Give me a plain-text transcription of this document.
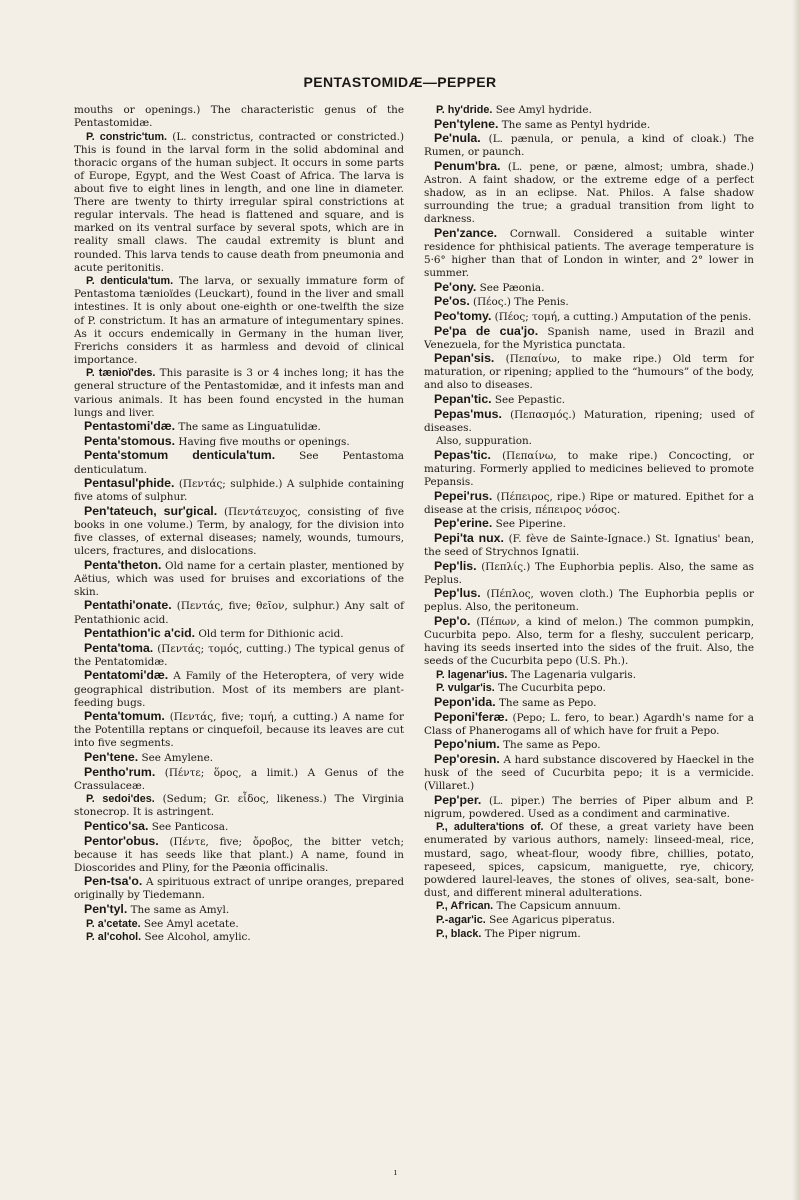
PENTASTOMIDÆ—PEPPER

mouths or openings.) The characteristic genus of the Pentastomidæ.

P. constric'tum. (L. constrictus, contracted or constricted.) This is found in the larval form in the solid abdominal and thoracic organs of the human subject. It occurs in some parts of Europe, Egypt, and the West Coast of Africa. The larva is about five to eight lines in length, and one line in diameter. There are twenty to thirty irregular spiral constrictions at regular intervals. The head is flattened and square, and is marked on its ventral surface by several spots, which are in reality small claws. The caudal extremity is blunt and rounded. This larva tends to cause death from pneumonia and acute peritonitis.

P. denticula'tum. The larva, or sexually immature form of Pentastoma tænioïdes (Leuckart), found in the liver and small intestines. It is only about one-eighth or one-twelfth the size of P. constrictum. It has an armature of integumentary spines. As it occurs endemically in Germany in the human liver, Frerichs considers it as harmless and devoid of clinical importance.

P. tænioï'des. This parasite is 3 or 4 inches long; it has the general structure of the Pentastomidæ, and it infests man and various animals. It has been found encysted in the human lungs and liver.

Pentastomi'dæ. The same as Linguatulidæ.

Penta'stomous. Having five mouths or openings.

Penta'stomum denticula'tum. See Pentastoma denticulatum.

Pentasul'phide. (Πεντάς; sulphide.) A sulphide containing five atoms of sulphur.

Pen'tateuch, sur'gical. (Πεντάτευχος, consisting of five books in one volume.) Term, by analogy, for the division into five classes, of external diseases; namely, wounds, tumours, ulcers, fractures, and dislocations.

Penta'theton. Old name for a certain plaster, mentioned by Aëtius, which was used for bruises and excoriations of the skin.

Pentathi'onate. (Πεντάς, five; θεῖον, sulphur.) Any salt of Pentathionic acid.

Pentathion'ic a'cid. Old term for Dithionic acid.

Penta'toma. (Πεντάς; τομός, cutting.) The typical genus of the Pentatomidæ.

Pentatomi'dæ. A Family of the Heteroptera, of very wide geographical distribution. Most of its members are plant-feeding bugs.

Penta'tomum. (Πεντάς, five; τομή, a cutting.) A name for the Potentilla reptans or cinquefoil, because its leaves are cut into five segments.

Pen'tene. See Amylene.

Pentho'rum. (Πέντε; ὅρος, a limit.) A Genus of the Crassulaceæ.

P. sedoi'des. (Sedum; Gr. εἶδος, likeness.) The Virginia stonecrop. It is astringent.

Pentico'sa. See Panticosa.

Pentor'obus. (Πέντε, five; ὄροβος, the bitter vetch; because it has seeds like that plant.) A name, found in Dioscorides and Pliny, for the Pæonia officinalis.

Pen-tsa'o. A spirituous extract of unripe oranges, prepared originally by Tiedemann.

Pen'tyl. The same as Amyl.

P. a'cetate. See Amyl acetate.

P. al'cohol. See Alcohol, amylic.

P. hy'dride. See Amyl hydride.

Pen'tylene. The same as Pentyl hydride.

Pe'nula. (L. pænula, or penula, a kind of cloak.) The Rumen, or paunch.

Penum'bra. (L. pene, or pæne, almost; umbra, shade.) Astron. A faint shadow, or the extreme edge of a perfect shadow, as in an eclipse. Nat. Philos. A false shadow surrounding the true; a gradual transition from light to darkness.

Pen'zance. Cornwall. Considered a suitable winter residence for phthisical patients. The average temperature is 5·6° higher than that of London in winter, and 2° lower in summer.

Pe'ony. See Pæonia.

Pe'os. (Πέος.) The Penis.

Peo'tomy. (Πέος; τομή, a cutting.) Amputation of the penis.

Pe'pa de cua'jo. Spanish name, used in Brazil and Venezuela, for the Myristica punctata.

Pepan'sis. (Πεπαίνω, to make ripe.) Old term for maturation, or ripening; applied to the “humours” of the body, and also to diseases.

Pepan'tic. See Pepastic.

Pepas'mus. (Πεπασμός.) Maturation, ripening; used of diseases.

Also, suppuration.

Pepas'tic. (Πεπαίνω, to make ripe.) Concocting, or maturing. Formerly applied to medicines believed to promote Pepansis.

Pepei'rus. (Πέπειρος, ripe.) Ripe or matured. Epithet for a disease at the crisis, πέπειρος νόσος.

Pep'erine. See Piperine.

Pepi'ta nux. (F. fève de Sainte-Ignace.) St. Ignatius' bean, the seed of Strychnos Ignatii.

Pep'lis. (Πεπλίς.) The Euphorbia peplis. Also, the same as Peplus.

Pep'lus. (Πέπλος, woven cloth.) The Euphorbia peplis or peplus. Also, the peritoneum.

Pep'o. (Πέπων, a kind of melon.) The common pumpkin, Cucurbita pepo. Also, term for a fleshy, succulent pericarp, having its seeds inserted into the sides of the fruit. Also, the seeds of the Cucurbita pepo (U.S. Ph.).

P. lagenar'ius. The Lagenaria vulgaris.

P. vulgar'is. The Cucurbita pepo.

Pepon'ida. The same as Pepo.

Peponi'feræ. (Pepo; L. fero, to bear.) Agardh's name for a Class of Phanerogams all of which have for fruit a Pepo.

Pepo'nium. The same as Pepo.

Pep'oresin. A hard substance discovered by Haeckel in the husk of the seed of Cucurbita pepo; it is a vermicide. (Villaret.)

Pep'per. (L. piper.) The berries of Piper album and P. nigrum, powdered. Used as a condiment and carminative.

P., adultera'tions of. Of these, a great variety have been enumerated by various authors, namely: linseed-meal, rice, mustard, sago, wheat-flour, woody fibre, chillies, potato, rapeseed, spices, capsicum, maniguette, rye, chicory, powdered laurel-leaves, the stones of olives, sea-salt, bone-dust, and different mineral adulterations.

P., Af'rican. The Capsicum annuum.

P.-agar'ic. See Agaricus piperatus.

P., black. The Piper nigrum.

ı
